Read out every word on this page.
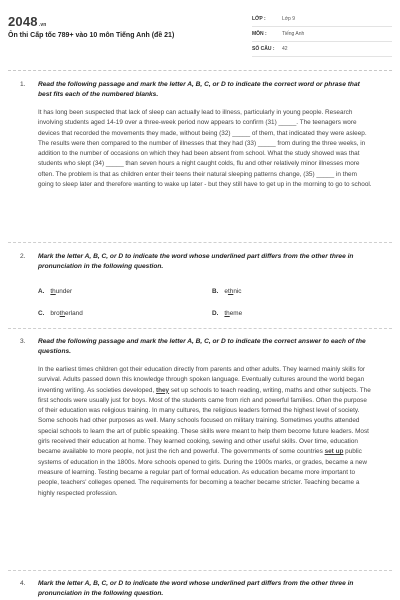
2048.vn
Ôn thi Cấp tốc 789+ vào 10 môn Tiếng Anh (đề 21)
LỚP :	Lớp 9
MÔN :	Tiếng Anh
SỐ CÂU :	42
1. Read the following passage and mark the letter A, B, C, or D to indicate the correct word or phrase that best fits each of the numbered blanks.
It has long been suspected that lack of sleep can actually lead to illness, particularly in young people. Research involving students aged 14-19 over a three-week period now appears to confirm (31) _____. The teenagers wore devices that recorded the movements they made, without being (32) _____ of them, that indicated they were asleep. The results were then compared to the number of illnesses that they had (33) _____ from during the three weeks, in addition to the number of occasions on which they had been absent from school. What the study showed was that students who slept (34) _____ than seven hours a night caught colds, flu and other relatively minor illnesses more often. The problem is that as children enter their teens their natural sleeping patterns change, (35) _____ in them going to sleep later and therefore wanting to wake up later - but they still have to get up in the morning to go to school.
2. Mark the letter A, B, C, or D to indicate the word whose underlined part differs from the other three in pronunciation in the following question.
A. thunder	B. ethnic
C. brotherland	D. theme
3. Read the following passage and mark the letter A, B, C, or D to indicate the correct answer to each of the questions.
In the earliest times children got their education directly from parents and other adults. They learned mainly skills for survival. Adults passed down this knowledge through spoken language. Eventually cultures around the world began inventing writing. As societies developed, they set up schools to teach reading, writing, maths and other subjects. The first schools were usually just for boys. Most of the students came from rich and powerful families. Often the purpose of their education was religious training. In many cultures, the religious leaders formed the highest level of society. Some schools had other purposes as well. Many schools focused on military training. Sometimes youths attended special schools to learn the art of public speaking. These skills were meant to help them become future leaders. Most girls received their education at home. They learned cooking, sewing and other useful skills. Over time, education became available to more people, not just the rich and powerful. The governments of some countries set up public systems of education in the 1800s. More schools opened to girls. During the 1900s marks, or grades, became a new measure of learning. Testing became a regular part of formal education. As education became more important to people, teachers' colleges opened. The requirements for becoming a teacher became stricter. Teaching became a highly respected profession.
4. Mark the letter A, B, C, or D to indicate the word whose underlined part differs from the other three in pronunciation in the following question.
